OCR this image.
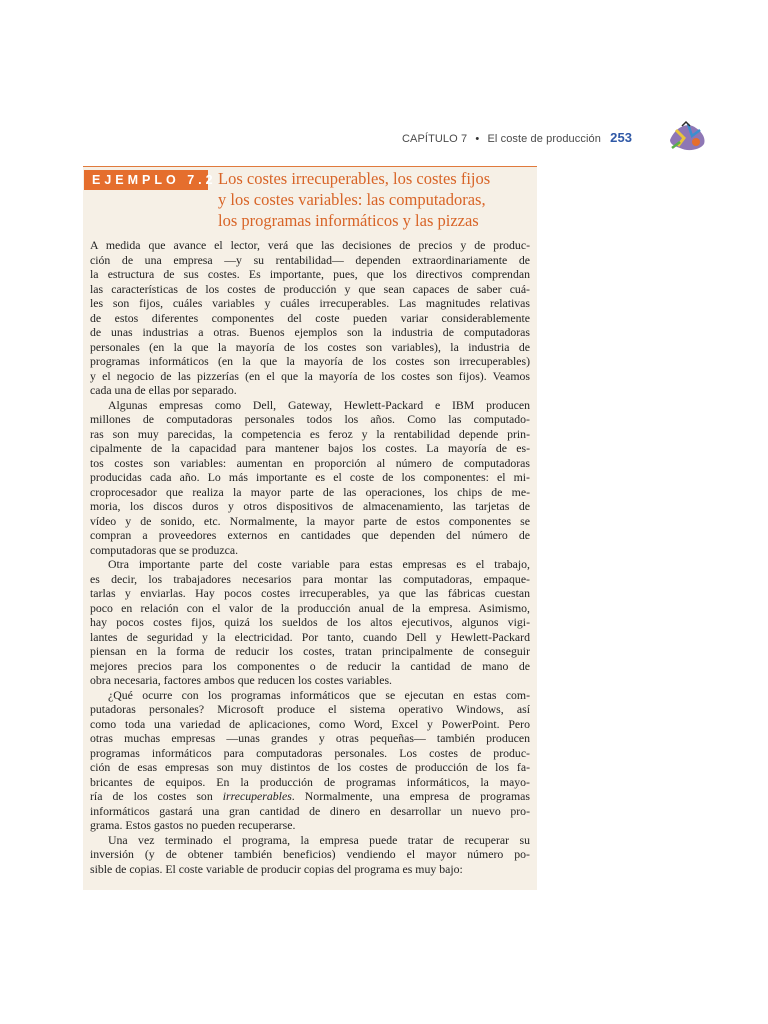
CAPÍTULO 7 • El coste de producción 253
EJEMPLO 7.2 Los costes irrecuperables, los costes fijos
y los costes variables: las computadoras,
los programas informáticos y las pizzas
A medida que avance el lector, verá que las decisiones de precios y de produc-
ción de una empresa —y su rentabilidad— dependen extraordinariamente de
la estructura de sus costes. Es importante, pues, que los directivos comprendan
las características de los costes de producción y que sean capaces de saber cuá-
les son fijos, cuáles variables y cuáles irrecuperables. Las magnitudes relativas
de estos diferentes componentes del coste pueden variar considerablemente
de unas industrias a otras. Buenos ejemplos son la industria de computadoras
personales (en la que la mayoría de los costes son variables), la industria de
programas informáticos (en la que la mayoría de los costes son irrecuperables)
y el negocio de las pizzerías (en el que la mayoría de los costes son fijos). Veamos
cada una de ellas por separado.
Algunas empresas como Dell, Gateway, Hewlett-Packard e IBM producen
millones de computadoras personales todos los años. Como las computado-
ras son muy parecidas, la competencia es feroz y la rentabilidad depende prin-
cipalmente de la capacidad para mantener bajos los costes. La mayoría de es-
tos costes son variables: aumentan en proporción al número de computadoras
producidas cada año. Lo más importante es el coste de los componentes: el mi-
croprocesador que realiza la mayor parte de las operaciones, los chips de me-
moria, los discos duros y otros dispositivos de almacenamiento, las tarjetas de
vídeo y de sonido, etc. Normalmente, la mayor parte de estos componentes se
compran a proveedores externos en cantidades que dependen del número de
computadoras que se produzca.
Otra importante parte del coste variable para estas empresas es el trabajo,
es decir, los trabajadores necesarios para montar las computadoras, empaque-
tarlas y enviarlas. Hay pocos costes irrecuperables, ya que las fábricas cuestan
poco en relación con el valor de la producción anual de la empresa. Asimismo,
hay pocos costes fijos, quizá los sueldos de los altos ejecutivos, algunos vigi-
lantes de seguridad y la electricidad. Por tanto, cuando Dell y Hewlett-Packard
piensan en la forma de reducir los costes, tratan principalmente de conseguir
mejores precios para los componentes o de reducir la cantidad de mano de
obra necesaria, factores ambos que reducen los costes variables.
¿Qué ocurre con los programas informáticos que se ejecutan en estas com-
putadoras personales? Microsoft produce el sistema operativo Windows, así
como toda una variedad de aplicaciones, como Word, Excel y PowerPoint. Pero
otras muchas empresas —unas grandes y otras pequeñas— también producen
programas informáticos para computadoras personales. Los costes de produc-
ción de esas empresas son muy distintos de los costes de producción de los fa-
bricantes de equipos. En la producción de programas informáticos, la mayo-
ría de los costes son irrecuperables. Normalmente, una empresa de programas
informáticos gastará una gran cantidad de dinero en desarrollar un nuevo pro-
grama. Estos gastos no pueden recuperarse.
Una vez terminado el programa, la empresa puede tratar de recuperar su
inversión (y de obtener también beneficios) vendiendo el mayor número po-
sible de copias. El coste variable de producir copias del programa es muy bajo:
